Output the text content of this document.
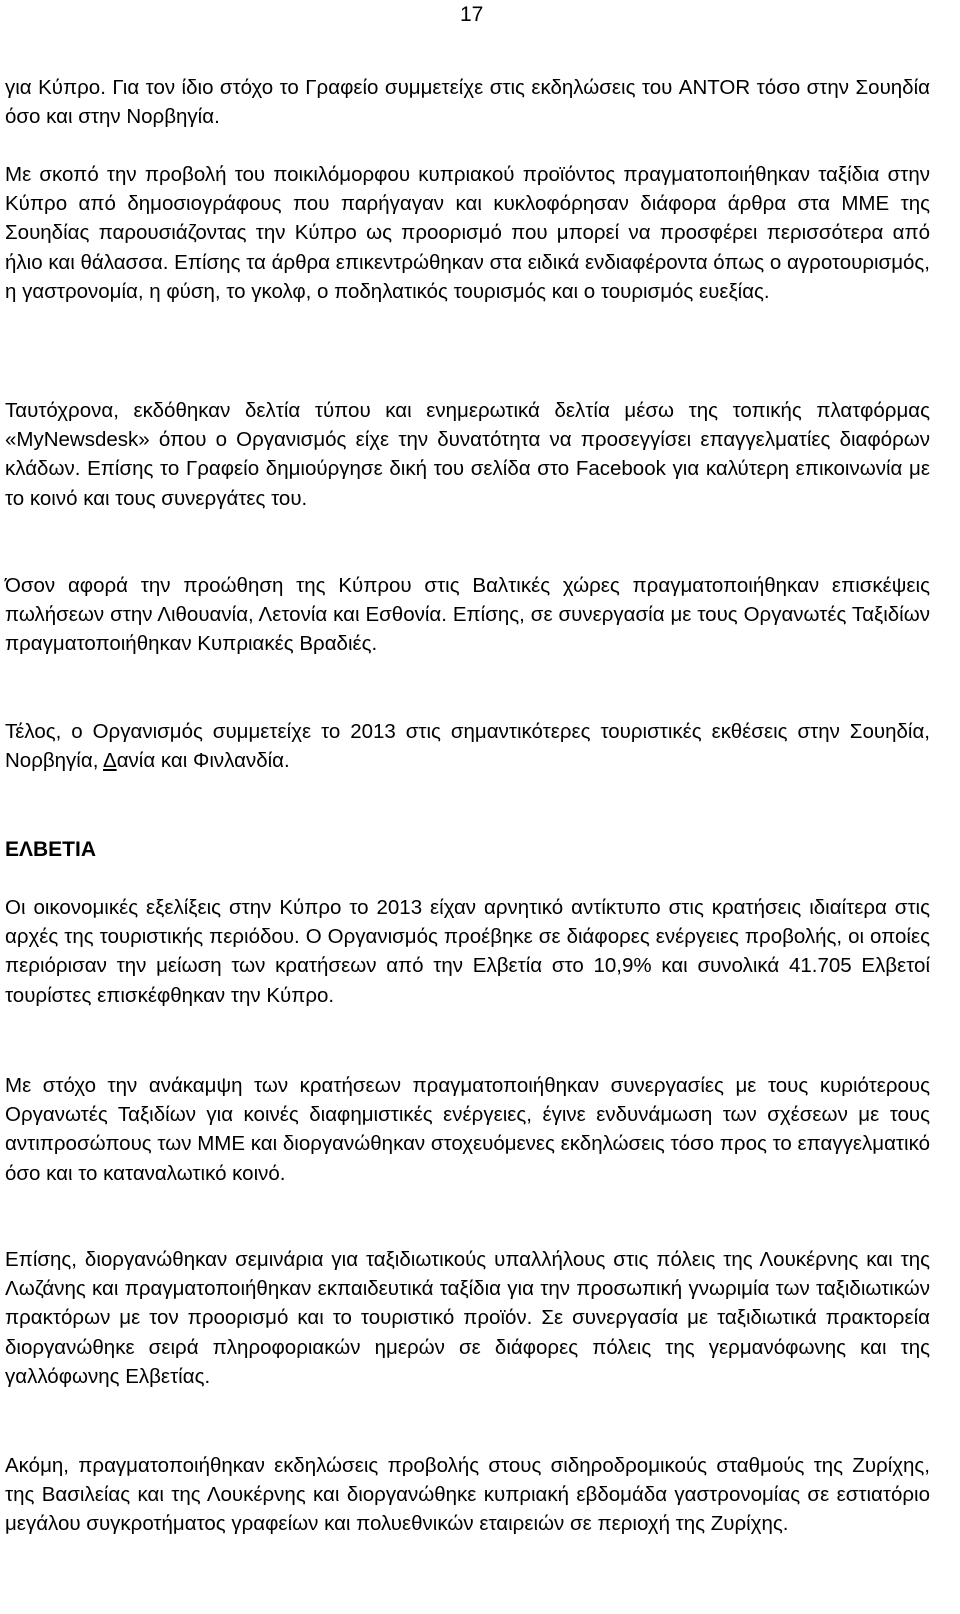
17

για Κύπρο. Για τον ίδιο στόχο το Γραφείο συμμετείχε στις εκδηλώσεις του ANTOR τόσο στην Σουηδία όσο και στην Νορβηγία.

Με σκοπό την προβολή του ποικιλόμορφου κυπριακού προϊόντος πραγματοποιήθηκαν ταξίδια στην Κύπρο από δημοσιογράφους που παρήγαγαν και κυκλοφόρησαν διάφορα άρθρα στα ΜΜΕ της Σουηδίας παρουσιάζοντας την Κύπρο ως προορισμό που μπορεί να προσφέρει περισσότερα από ήλιο και θάλασσα. Επίσης τα άρθρα επικεντρώθηκαν στα ειδικά ενδιαφέροντα όπως ο αγροτουρισμός, η γαστρονομία, η φύση, το γκολφ, ο ποδηλατικός τουρισμός και ο τουρισμός ευεξίας.

Ταυτόχρονα, εκδόθηκαν δελτία τύπου και ενημερωτικά δελτία μέσω της τοπικής πλατφόρμας «MyNewsdesk» όπου ο Οργανισμός είχε την δυνατότητα να προσεγγίσει επαγγελματίες διαφόρων κλάδων. Επίσης το Γραφείο δημιούργησε δική του σελίδα στο Facebook για καλύτερη επικοινωνία με το κοινό και τους συνεργάτες του.

Όσον αφορά την προώθηση της Κύπρου στις Βαλτικές χώρες πραγματοποιήθηκαν επισκέψεις πωλήσεων στην Λιθουανία, Λετονία και Εσθονία. Επίσης, σε συνεργασία με τους Οργανωτές Ταξιδίων πραγματοποιήθηκαν Κυπριακές Βραδιές.

Τέλος, ο Οργανισμός συμμετείχε το 2013 στις σημαντικότερες τουριστικές εκθέσεις στην Σουηδία, Νορβηγία, Δανία και Φινλανδία.

ΕΛΒΕΤΙΑ

Οι οικονομικές εξελίξεις στην Κύπρο το 2013 είχαν αρνητικό αντίκτυπο στις κρατήσεις ιδιαίτερα στις αρχές της τουριστικής περιόδου. Ο Οργανισμός προέβηκε σε διάφορες ενέργειες προβολής, οι οποίες περιόρισαν την μείωση των κρατήσεων από την Ελβετία στο 10,9% και συνολικά 41.705 Ελβετοί τουρίστες επισκέφθηκαν την Κύπρο.

Με στόχο την ανάκαμψη των κρατήσεων πραγματοποιήθηκαν συνεργασίες με τους κυριότερους Οργανωτές Ταξιδίων για κοινές διαφημιστικές ενέργειες, έγινε ενδυνάμωση των σχέσεων με τους αντιπροσώπους των ΜΜΕ και διοργανώθηκαν στοχευόμενες εκδηλώσεις τόσο προς το επαγγελματικό όσο και το καταναλωτικό κοινό.

Επίσης, διοργανώθηκαν σεμινάρια για ταξιδιωτικούς υπαλλήλους στις πόλεις της Λουκέρνης και της Λωζάνης και πραγματοποιήθηκαν εκπαιδευτικά ταξίδια για την προσωπική γνωριμία των ταξιδιωτικών πρακτόρων με τον προορισμό και το τουριστικό προϊόν. Σε συνεργασία με ταξιδιωτικά πρακτορεία διοργανώθηκε σειρά πληροφοριακών ημερών σε διάφορες πόλεις της γερμανόφωνης και της γαλλόφωνης Ελβετίας.

Ακόμη, πραγματοποιήθηκαν εκδηλώσεις προβολής στους σιδηροδρομικούς σταθμούς της Ζυρίχης, της Βασιλείας και της Λουκέρνης και διοργανώθηκε κυπριακή εβδομάδα γαστρονομίας σε εστιατόριο μεγάλου συγκροτήματος γραφείων και πολυεθνικών εταιρειών σε περιοχή της Ζυρίχης.
